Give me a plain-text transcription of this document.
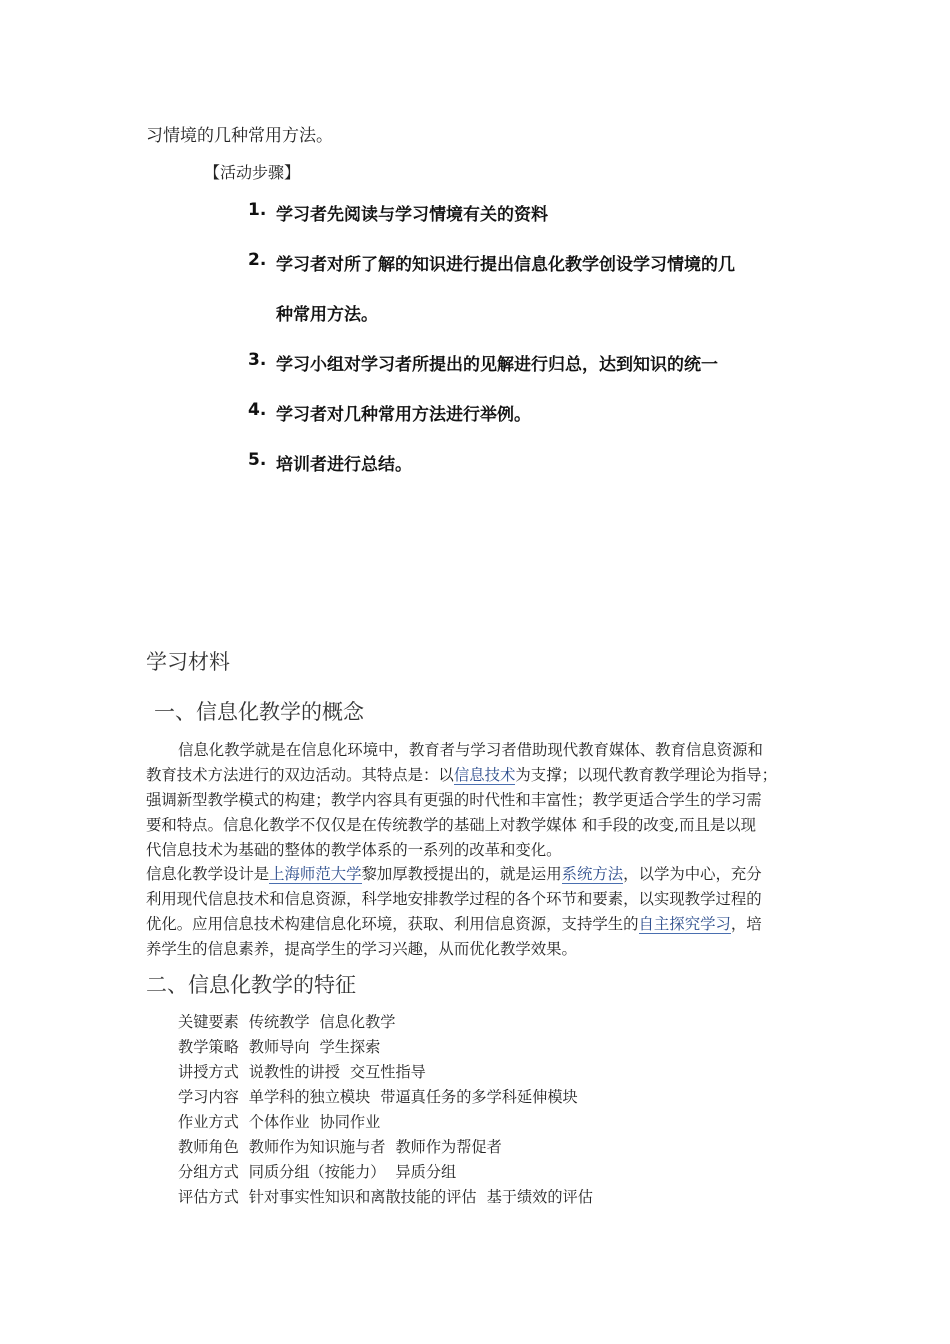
习情境的几种常用方法。
【活动步骤】
1. 学习者先阅读与学习情境有关的资料
2. 学习者对所了解的知识进行提出信息化教学创设学习情境的几
种常用方法。
3. 学习小组对学习者所提出的见解进行归总，达到知识的统一
4. 学习者对几种常用方法进行举例。
5. 培训者进行总结。
学习材料
一、信息化教学的概念
信息化教学就是在信息化环境中，教育者与学习者借助现代教育媒体、教育信息资源和
教育技术方法进行的双边活动。其特点是：以信息技术为支撑；以现代教育教学理论为指导；
强调新型教学模式的构建；教学内容具有更强的时代性和丰富性；教学更适合学生的学习需
要和特点。信息化教学不仅仅是在传统教学的基础上对教学媒体 和手段的改变,而且是以现
代信息技术为基础的整体的教学体系的一系列的改革和变化。
信息化教学设计是上海师范大学黎加厚教授提出的，就是运用系统方法，以学为中心，充分
利用现代信息技术和信息资源，科学地安排教学过程的各个环节和要素，以实现教学过程的
优化。应用信息技术构建信息化环境，获取、利用信息资源，支持学生的自主探究学习，培
养学生的信息素养，提高学生的学习兴趣，从而优化教学效果。
二、信息化教学的特征
关键要素 传统教学 信息化教学
教学策略 教师导向 学生探索
讲授方式 说教性的讲授 交互性指导
学习内容 单学科的独立模块 带逼真任务的多学科延伸模块
作业方式 个体作业 协同作业
教师角色 教师作为知识施与者 教师作为帮促者
分组方式 同质分组（按能力） 异质分组
评估方式 针对事实性知识和离散技能的评估 基于绩效的评估
